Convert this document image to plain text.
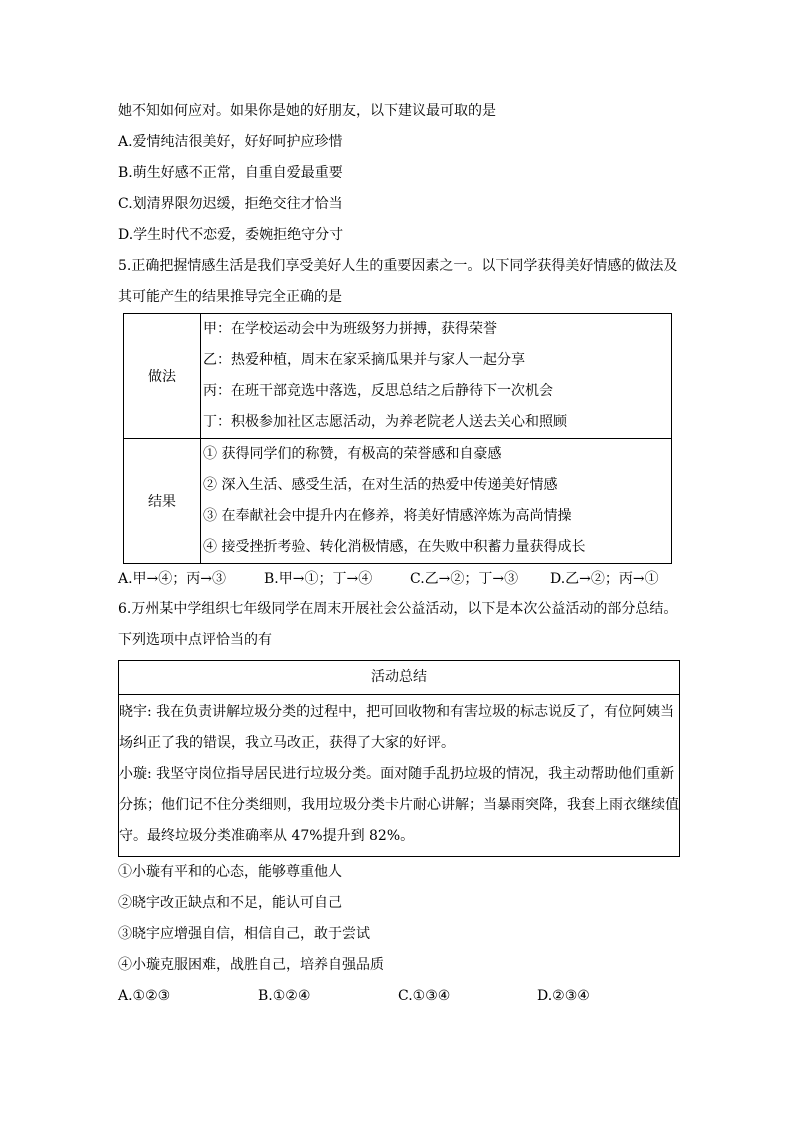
她不知如何应对。如果你是她的好朋友，以下建议最可取的是
A.爱情纯洁很美好，好好呵护应珍惜
B.萌生好感不正常，自重自爱最重要
C.划清界限勿迟缓，拒绝交往才恰当
D.学生时代不恋爱，委婉拒绝守分寸
5.正确把握情感生活是我们享受美好人生的重要因素之一。以下同学获得美好情感的做法及
其可能产生的结果推导完全正确的是
做法	甲：在学校运动会中为班级努力拼搏，获得荣誉
乙：热爱种植，周末在家采摘瓜果并与家人一起分享
丙：在班干部竞选中落选，反思总结之后静待下一次机会
丁：积极参加社区志愿活动，为养老院老人送去关心和照顾

结果	① 获得同学们的称赞，有极高的荣誉感和自豪感
② 深入生活、感受生活，在对生活的热爱中传递美好情感
③ 在奉献社会中提升内在修养，将美好情感淬炼为高尚情操
④ 接受挫折考验、转化消极情感，在失败中积蓄力量获得成长
A.甲→④；丙→③	B.甲→①；丁→④	C.乙→②；丁→③	D.乙→②；丙→①
6.万州某中学组织七年级同学在周末开展社会公益活动，以下是本次公益活动的部分总结。
下列选项中点评恰当的有
活动总结

晓宇: 我在负责讲解垃圾分类的过程中，把可回收物和有害垃圾的标志说反了，有位阿姨当
场纠正了我的错误，我立马改正，获得了大家的好评。
小璇: 我坚守岗位指导居民进行垃圾分类。面对随手乱扔垃圾的情况，我主动帮助他们重新
分拣；他们记不住分类细则，我用垃圾分类卡片耐心讲解；当暴雨突降，我套上雨衣继续值
守。最终垃圾分类准确率从 47%提升到 82%。
①小璇有平和的心态，能够尊重他人
②晓宇改正缺点和不足，能认可自己
③晓宇应增强自信，相信自己，敢于尝试
④小璇克服困难，战胜自己，培养自强品质
A.①②③	B.①②④	C.①③④	D.②③④
